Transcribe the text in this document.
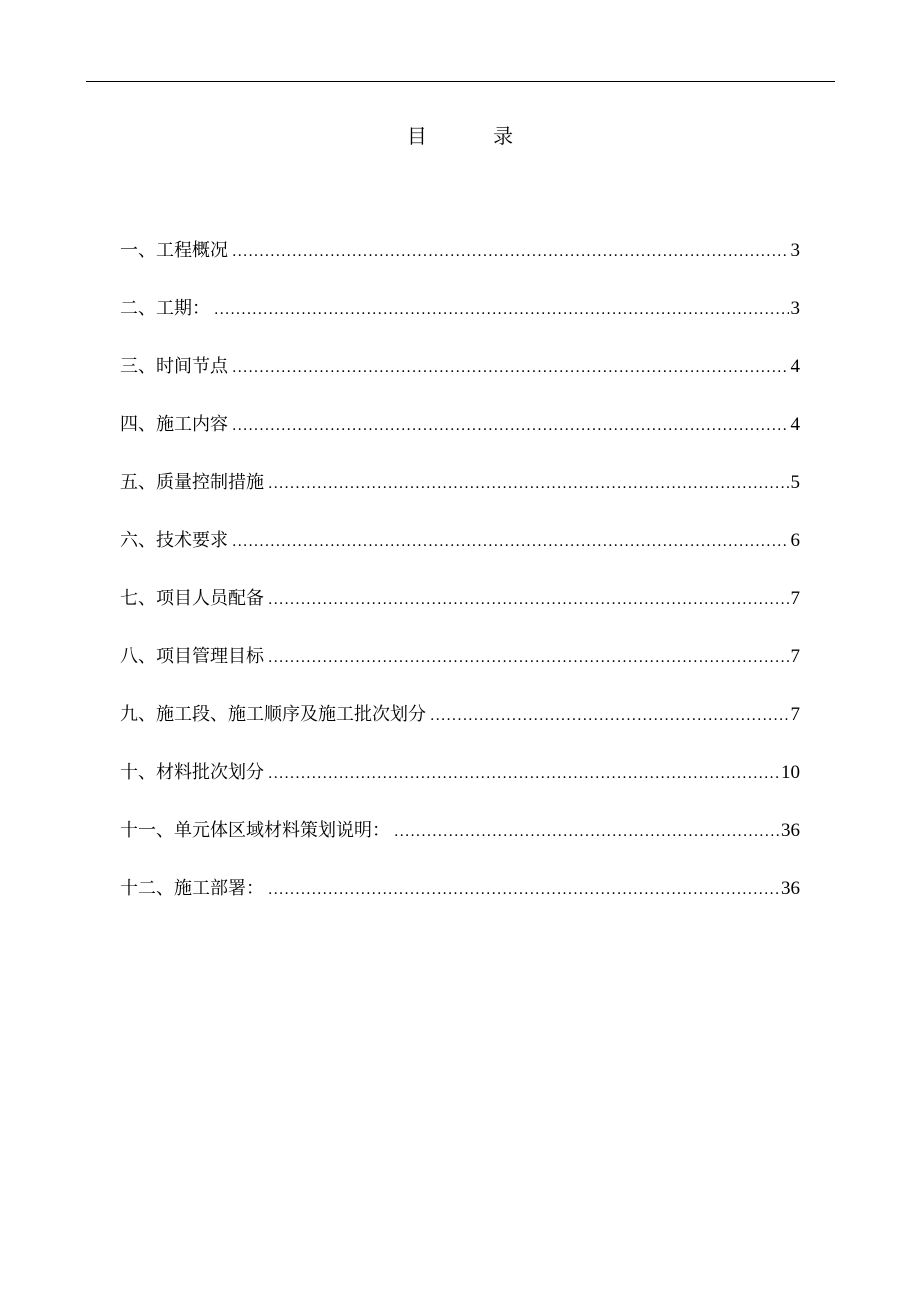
目 录
一、工程概况 .....	3
二、工期： .....	3
三、时间节点 .....	4
四、施工内容 .....	4
五、质量控制措施 .....	5
六、技术要求 .....	6
七、项目人员配备 .....	7
八、项目管理目标 .....	7
九、施工段、施工顺序及施工批次划分 .....	7
十、材料批次划分 .....	10
十一、单元体区域材料策划说明： .....	36
十二、施工部署： .....	36
